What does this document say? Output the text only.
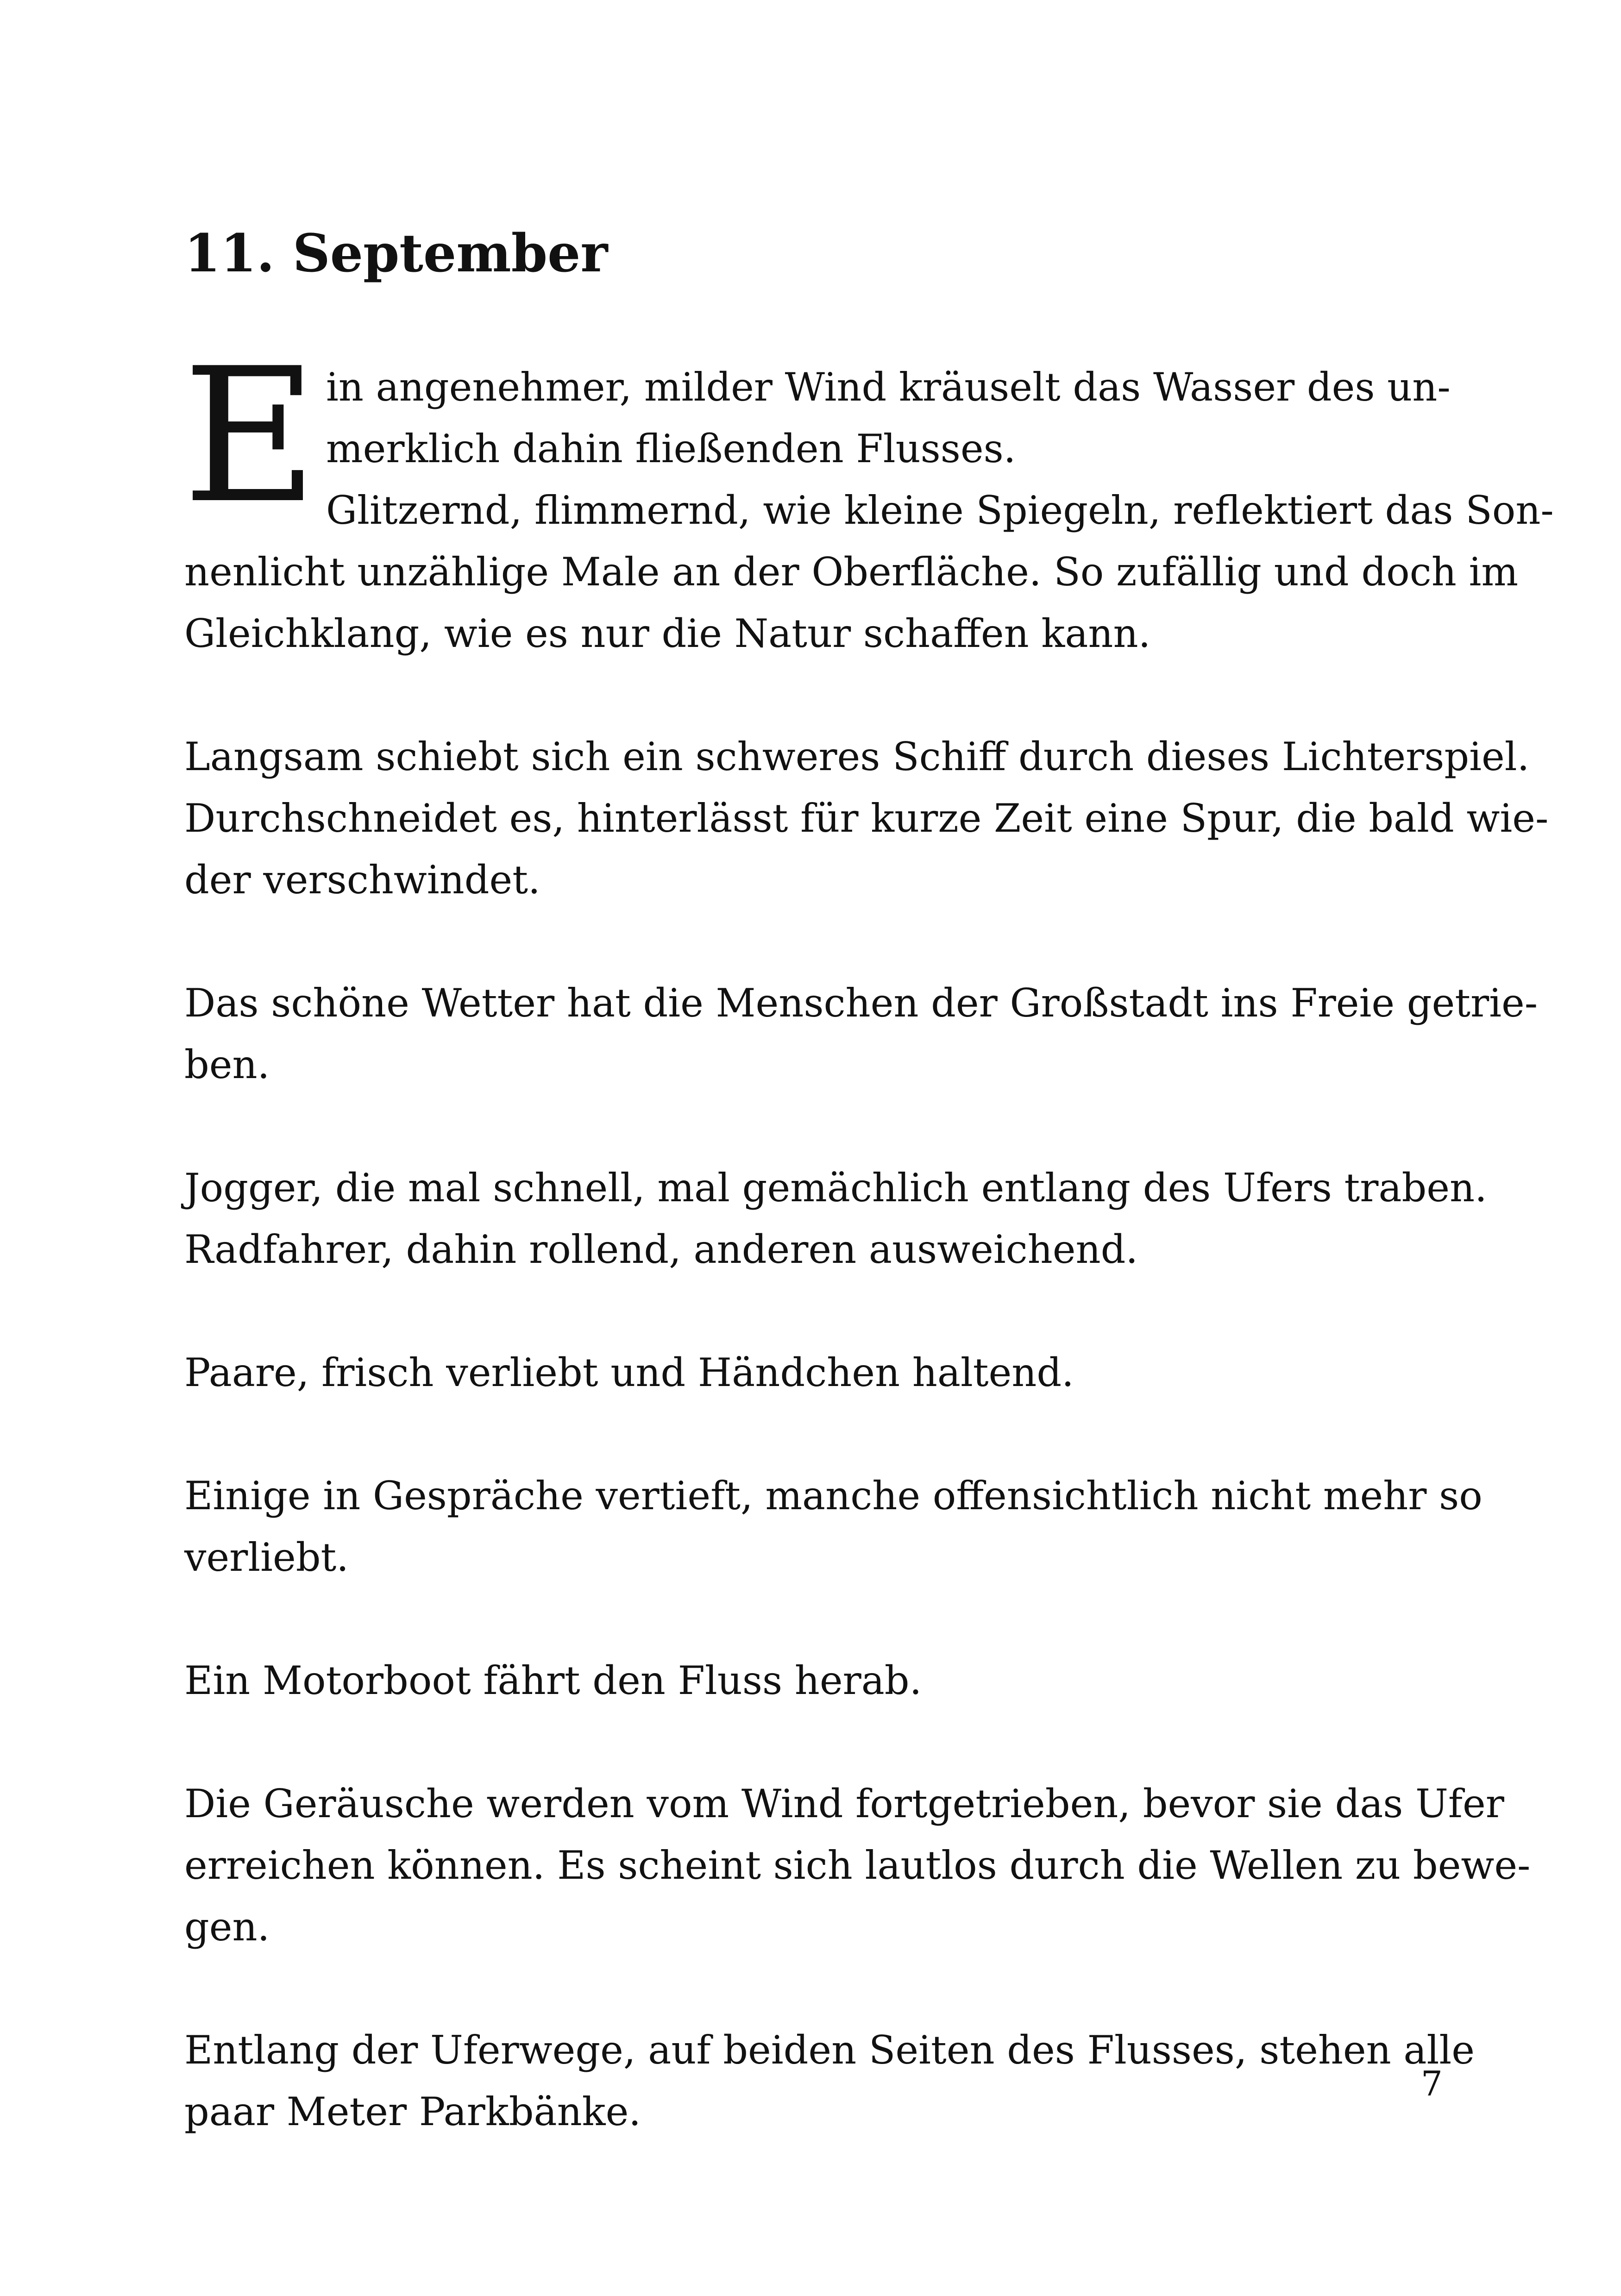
11. September
E in angenehmer, milder Wind kräuselt das Wasser des un-
merklich dahin fließenden Flusses.
Glitzernd, flimmernd, wie kleine Spiegeln, reflektiert das Son-
nenlicht unzählige Male an der Oberfläche. So zufällig und doch im
Gleichklang, wie es nur die Natur schaffen kann.
Langsam schiebt sich ein schweres Schiff durch dieses Lichterspiel.
Durchschneidet es, hinterlässt für kurze Zeit eine Spur, die bald wie-
der verschwindet.
Das schöne Wetter hat die Menschen der Großstadt ins Freie getrie-
ben.
Jogger, die mal schnell, mal gemächlich entlang des Ufers traben.
Radfahrer, dahin rollend, anderen ausweichend.
Paare, frisch verliebt und Händchen haltend.
Einige in Gespräche vertieft, manche offensichtlich nicht mehr so
verliebt.
Ein Motorboot fährt den Fluss herab.
Die Geräusche werden vom Wind fortgetrieben, bevor sie das Ufer
erreichen können. Es scheint sich lautlos durch die Wellen zu bewe-
gen.
Entlang der Uferwege, auf beiden Seiten des Flusses, stehen alle
paar Meter Parkbänke.
7
